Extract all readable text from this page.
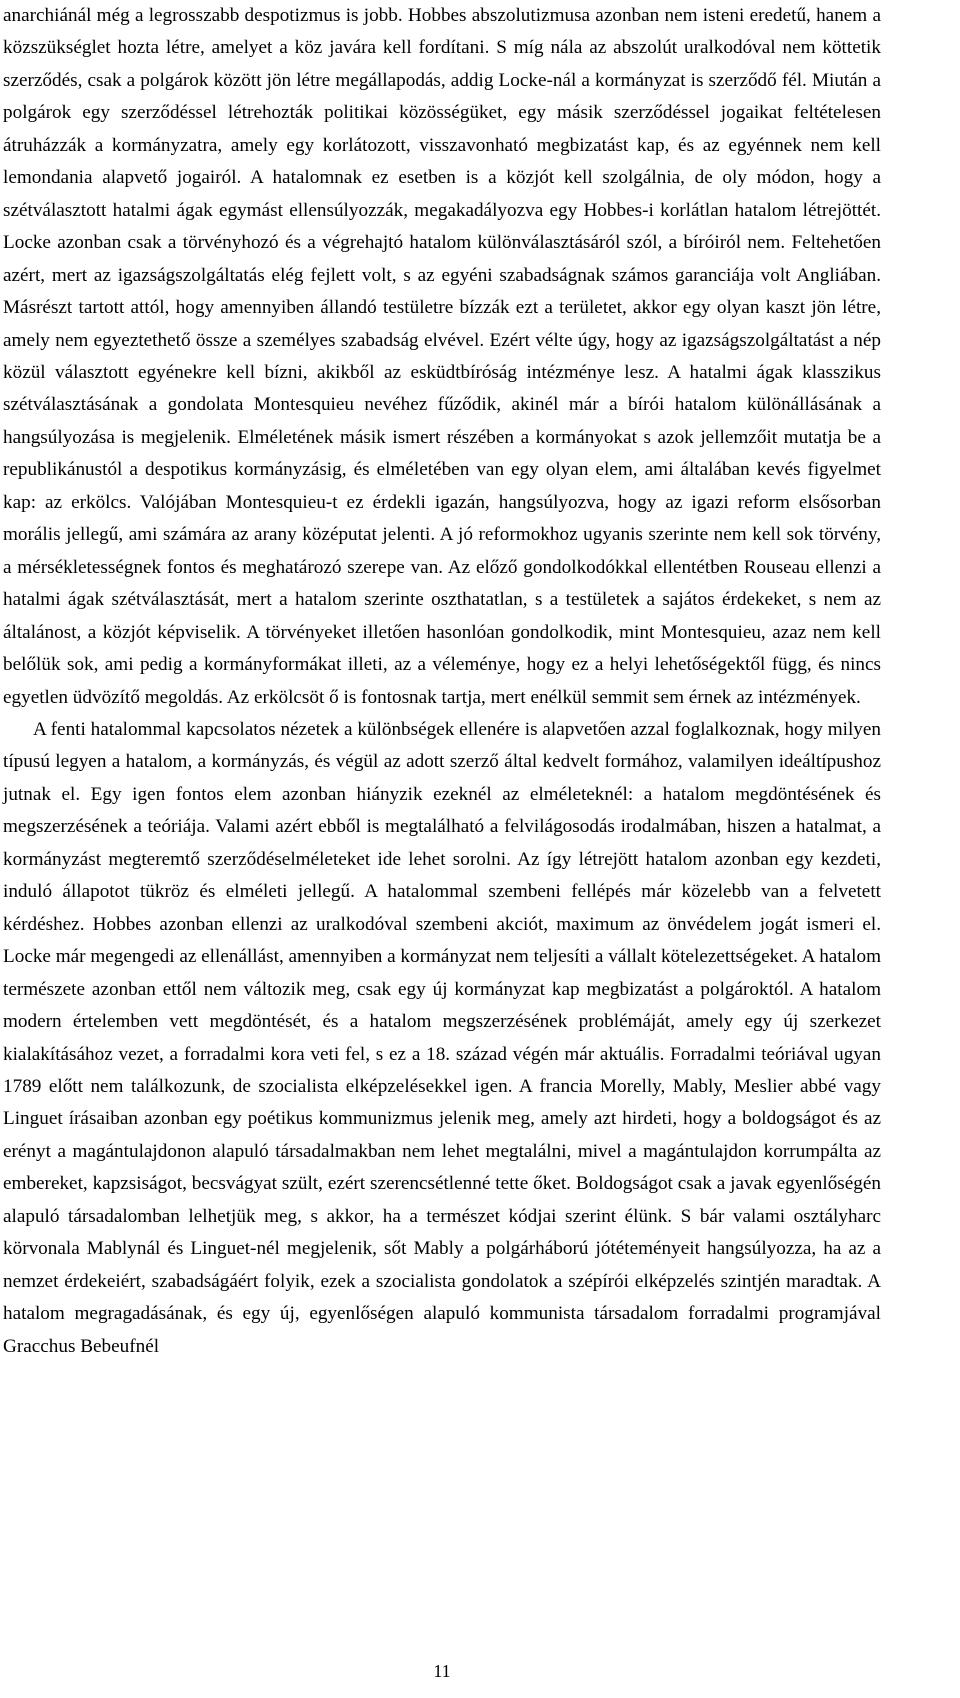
anarchiánál még a legrosszabb despotizmus is jobb. Hobbes abszolutizmusa azonban nem isteni eredetű, hanem a közszükséglet hozta létre, amelyet a köz javára kell fordítani. S míg nála az abszolút uralkodóval nem köttetik szerződés, csak a polgárok között jön létre megállapodás, addig Locke-nál a kormányzat is szerződő fél. Miután a polgárok egy szerződéssel létrehozták politikai közösségüket, egy másik szerződéssel jogaikat feltételesen átruházzák a kormányzatra, amely egy korlátozott, visszavonható megbizatást kap, és az egyénnek nem kell lemondania alapvető jogairól. A hatalomnak ez esetben is a közjót kell szolgálnia, de oly módon, hogy a szétválasztott hatalmi ágak egymást ellensúlyozzák, megakadályozva egy Hobbes-i korlátlan hatalom létrejöttét. Locke azonban csak a törvényhozó és a végrehajtó hatalom különválasztásáról szól, a bíróiról nem. Feltehetően azért, mert az igazságszolgáltatás elég fejlett volt, s az egyéni szabadságnak számos garanciája volt Angliában. Másrészt tartott attól, hogy amennyiben állandó testületre bízzák ezt a területet, akkor egy olyan kaszt jön létre, amely nem egyeztethető össze a személyes szabadság elvével. Ezért vélte úgy, hogy az igazságszolgáltatást a nép közül választott egyénekre kell bízni, akikből az esküdtbíróság intézménye lesz. A hatalmi ágak klasszikus szétválasztásának a gondolata Montesquieu nevéhez fűződik, akinél már a bírói hatalom különállásának a hangsúlyozása is megjelenik. Elméletének másik ismert részében a kormányokat s azok jellemzőit mutatja be a republikánustól a despotikus kormányzásig, és elméletében van egy olyan elem, ami általában kevés figyelmet kap: az erkölcs. Valójában Montesquieu-t ez érdekli igazán, hangsúlyozva, hogy az igazi reform elsősorban morális jellegű, ami számára az arany középutat jelenti. A jó reformokhoz ugyanis szerinte nem kell sok törvény, a mérsékletességnek fontos és meghatározó szerepe van. Az előző gondolkodókkal ellentétben Rouseau ellenzi a hatalmi ágak szétválasztását, mert a hatalom szerinte oszthatatlan, s a testületek a sajátos érdekeket, s nem az általánost, a közjót képviselik. A törvényeket illetően hasonlóan gondolkodik, mint Montesquieu, azaz nem kell belőlük sok, ami pedig a kormányformákat illeti, az a véleménye, hogy ez a helyi lehetőségektől függ, és nincs egyetlen üdvözítő megoldás. Az erkölcsöt ő is fontosnak tartja, mert enélkül semmit sem érnek az intézmények.

A fenti hatalommal kapcsolatos nézetek a különbségek ellenére is alapvetően azzal foglalkoznak, hogy milyen típusú legyen a hatalom, a kormányzás, és végül az adott szerző által kedvelt formához, valamilyen ideáltípushoz jutnak el. Egy igen fontos elem azonban hiányzik ezeknél az elméleteknél: a hatalom megdöntésének és megszerzésének a teóriája. Valami azért ebből is megtalálható a felvilágosodás irodalmában, hiszen a hatalmat, a kormányzást megteremtő szerződéselméleteket ide lehet sorolni. Az így létrejött hatalom azonban egy kezdeti, induló állapotot tükröz és elméleti jellegű. A hatalommal szembeni fellépés már közelebb van a felvetett kérdéshez. Hobbes azonban ellenzi az uralkodóval szembeni akciót, maximum az önvédelem jogát ismeri el. Locke már megengedi az ellenállást, amennyiben a kormányzat nem teljesíti a vállalt kötelezettségeket. A hatalom természete azonban ettől nem változik meg, csak egy új kormányzat kap megbizatást a polgároktól. A hatalom modern értelemben vett megdöntését, és a hatalom megszerzésének problémáját, amely egy új szerkezet kialakításához vezet, a forradalmi kora veti fel, s ez a 18. század végén már aktuális. Forradalmi teóriával ugyan 1789 előtt nem találkozunk, de szocialista elképzelésekkel igen. A francia Morelly, Mably, Meslier abbé vagy Linguet írásaiban azonban egy poétikus kommunizmus jelenik meg, amely azt hirdeti, hogy a boldogságot és az erényt a magántulajdonon alapuló társadalmakban nem lehet megtalálni, mivel a magántulajdon korrumpálta az embereket, kapzsiságot, becsvágyat szült, ezért szerencsétlenné tette őket. Boldogságot csak a javak egyenlőségén alapuló társadalomban lelhetjük meg, s akkor, ha a természet kódjai szerint élünk. S bár valami osztályharc körvonala Mablynál és Linguet-nél megjelenik, sőt Mably a polgárháború jótéteményeit hangsúlyozza, ha az a nemzet érdekeiért, szabadságáért folyik, ezek a szocialista gondolatok a szépírói elképzelés szintjén maradtak. A hatalom megragadásának, és egy új, egyenlőségen alapuló kommunista társadalom forradalmi programjával Gracchus Bebeufnél

11
